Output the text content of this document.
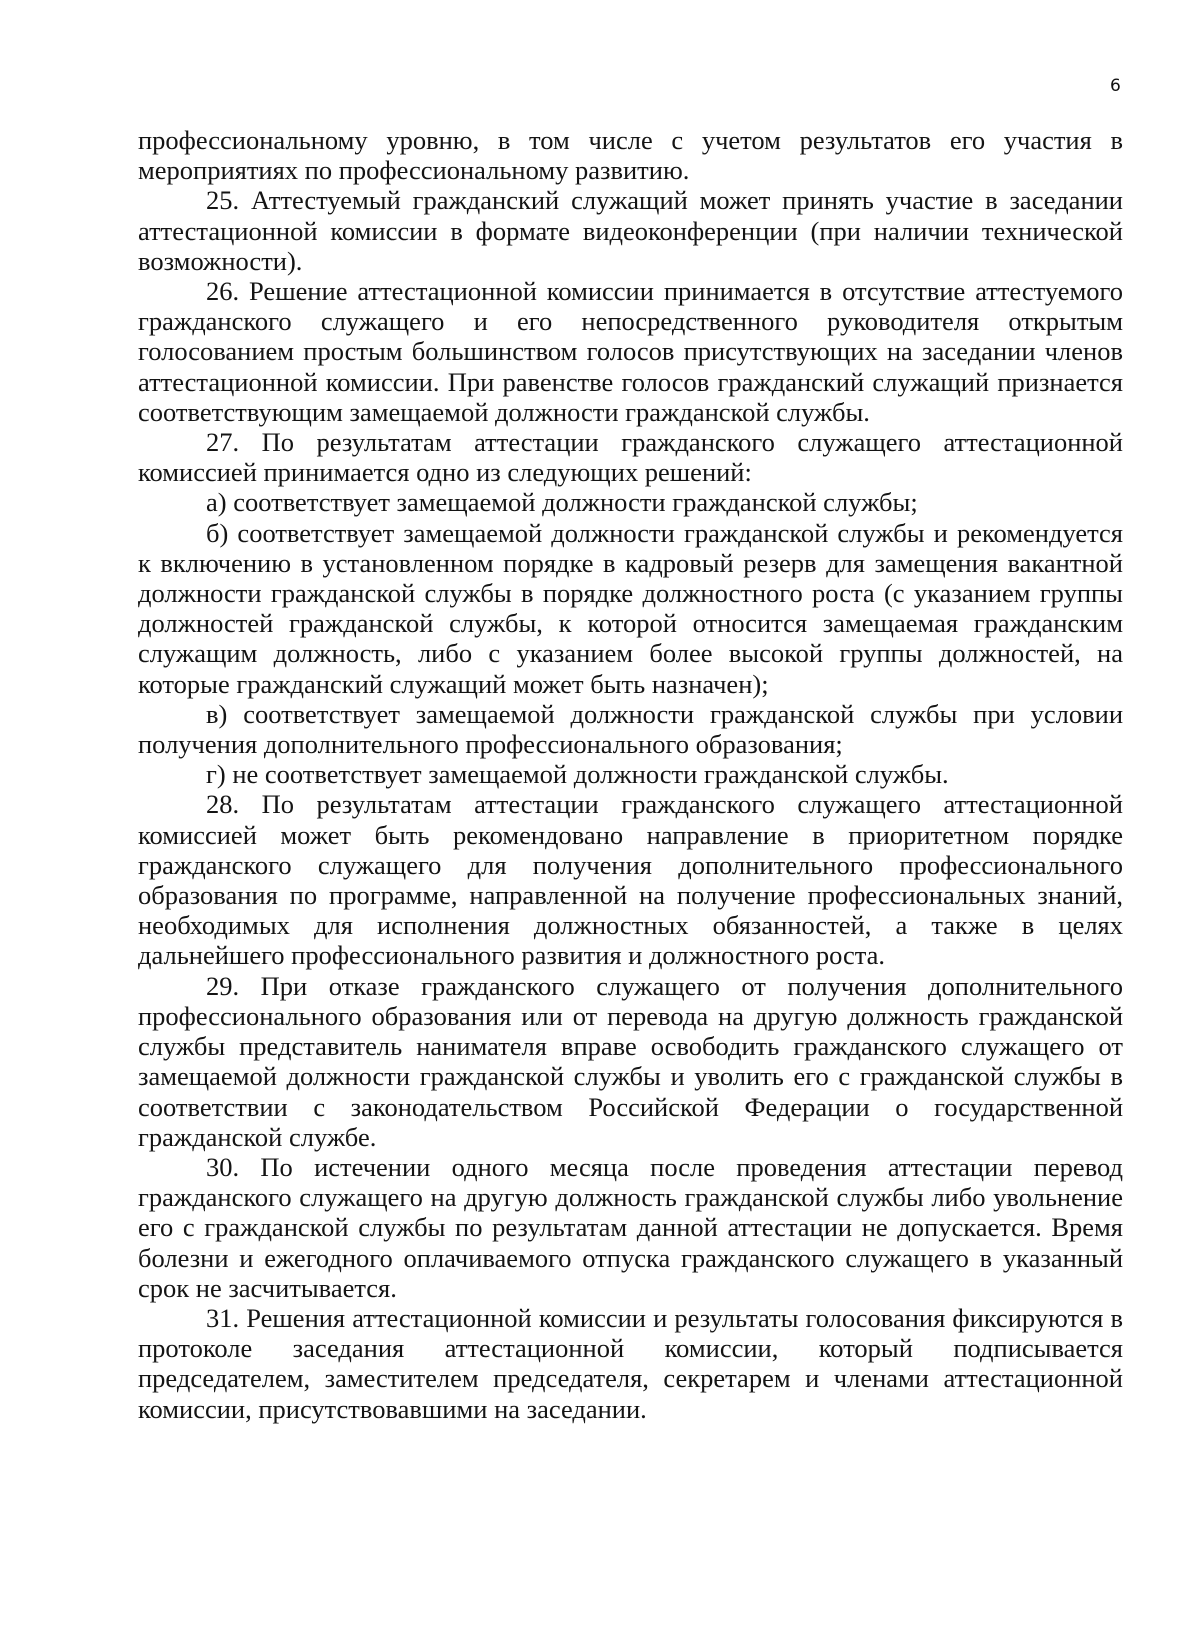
6

профессиональному уровню, в том числе с учетом результатов его участия в мероприятиях по профессиональному развитию.

25. Аттестуемый гражданский служащий может принять участие в заседании аттестационной комиссии в формате видеоконференции (при наличии технической возможности).

26. Решение аттестационной комиссии принимается в отсутствие аттестуемого гражданского служащего и его непосредственного руководителя открытым голосованием простым большинством голосов присутствующих на заседании членов аттестационной комиссии. При равенстве голосов гражданский служащий признается соответствующим замещаемой должности гражданской службы.

27. По результатам аттестации гражданского служащего аттестационной комиссией принимается одно из следующих решений:

а) соответствует замещаемой должности гражданской службы;

б) соответствует замещаемой должности гражданской службы и рекомендуется к включению в установленном порядке в кадровый резерв для замещения вакантной должности гражданской службы в порядке должностного роста (с указанием группы должностей гражданской службы, к которой относится замещаемая гражданским служащим должность, либо с указанием более высокой группы должностей, на которые гражданский служащий может быть назначен);

в) соответствует замещаемой должности гражданской службы при условии получения дополнительного профессионального образования;

г) не соответствует замещаемой должности гражданской службы.

28. По результатам аттестации гражданского служащего аттестационной комиссией может быть рекомендовано направление в приоритетном порядке гражданского служащего для получения дополнительного профессионального образования по программе, направленной на получение профессиональных знаний, необходимых для исполнения должностных обязанностей, а также в целях дальнейшего профессионального развития и должностного роста.

29. При отказе гражданского служащего от получения дополнительного профессионального образования или от перевода на другую должность гражданской службы представитель нанимателя вправе освободить гражданского служащего от замещаемой должности гражданской службы и уволить его с гражданской службы в соответствии с законодательством Российской Федерации о государственной гражданской службе.

30. По истечении одного месяца после проведения аттестации перевод гражданского служащего на другую должность гражданской службы либо увольнение его с гражданской службы по результатам данной аттестации не допускается. Время болезни и ежегодного оплачиваемого отпуска гражданского служащего в указанный срок не засчитывается.

31. Решения аттестационной комиссии и результаты голосования фиксируются в протоколе заседания аттестационной комиссии, который подписывается председателем, заместителем председателя, секретарем и членами аттестационной комиссии, присутствовавшими на заседании.
